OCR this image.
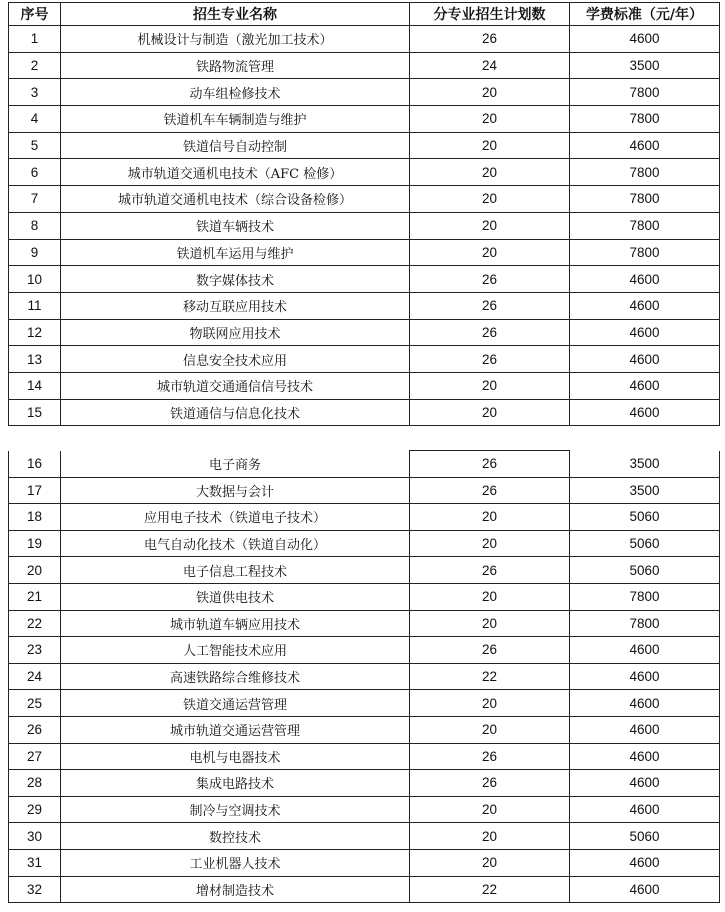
序号	招生专业名称	分专业招生计划数	学费标准（元/年）
1	机械设计与制造（激光加工技术）	26	4600
2	铁路物流管理	24	3500
3	动车组检修技术	20	7800
4	铁道机车车辆制造与维护	20	7800
5	铁道信号自动控制	20	4600
6	城市轨道交通机电技术（AFC 检修）	20	7800
7	城市轨道交通机电技术（综合设备检修）	20	7800
8	铁道车辆技术	20	7800
9	铁道机车运用与维护	20	7800
10	数字媒体技术	26	4600
11	移动互联应用技术	26	4600
12	物联网应用技术	26	4600
13	信息安全技术应用	26	4600
14	城市轨道交通通信信号技术	20	4600
15	铁道通信与信息化技术	20	4600
16	电子商务	26	3500
17	大数据与会计	26	3500
18	应用电子技术（铁道电子技术）	20	5060
19	电气自动化技术（铁道自动化）	20	5060
20	电子信息工程技术	26	5060
21	铁道供电技术	20	7800
22	城市轨道车辆应用技术	20	7800
23	人工智能技术应用	26	4600
24	高速铁路综合维修技术	22	4600
25	铁道交通运营管理	20	4600
26	城市轨道交通运营管理	20	4600
27	电机与电器技术	26	4600
28	集成电路技术	26	4600
29	制冷与空调技术	20	4600
30	数控技术	20	5060
31	工业机器人技术	20	4600
32	增材制造技术	22	4600
